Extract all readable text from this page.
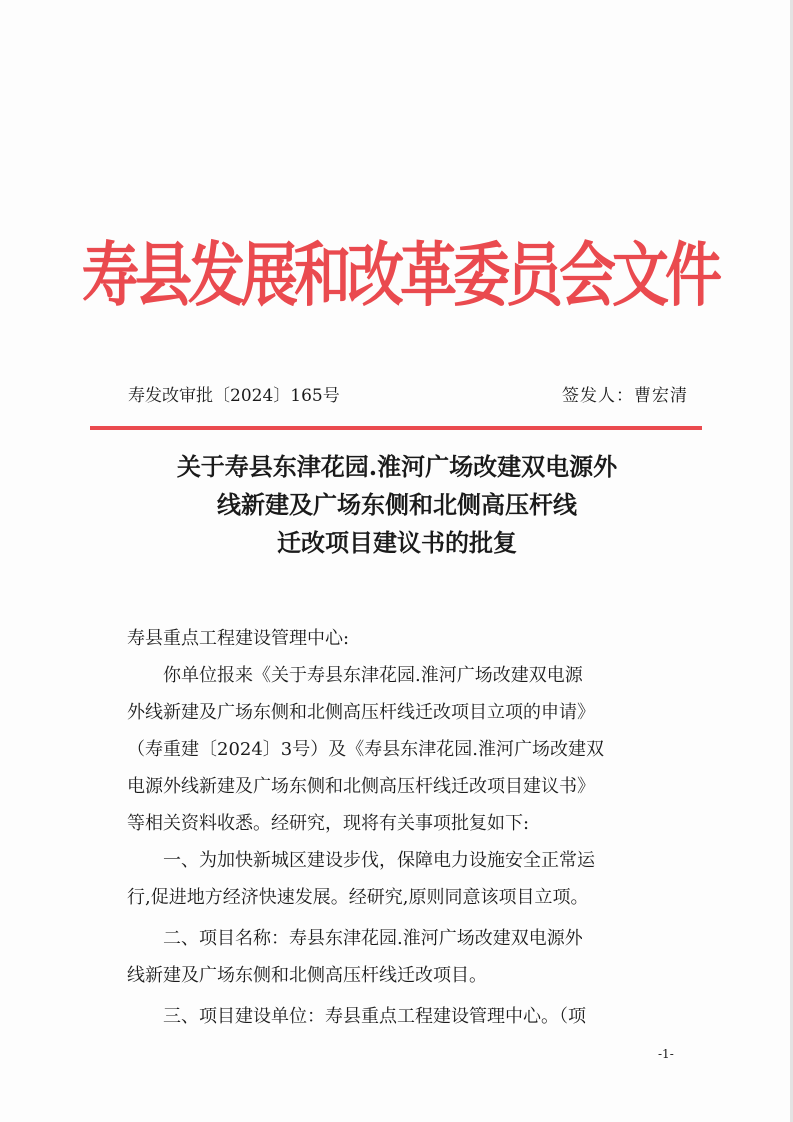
寿县发展和改革委员会文件
寿发改审批〔2024〕165号	签发人：曹宏清
关于寿县东津花园.淮河广场改建双电源外
线新建及广场东侧和北侧高压杆线
迁改项目建议书的批复
寿县重点工程建设管理中心:
你单位报来《关于寿县东津花园.淮河广场改建双电源
外线新建及广场东侧和北侧高压杆线迁改项目立项的申请》
（寿重建〔2024〕3号）及《寿县东津花园.淮河广场改建双
电源外线新建及广场东侧和北侧高压杆线迁改项目建议书》
等相关资料收悉。经研究，现将有关事项批复如下:
一、为加快新城区建设步伐，保障电力设施安全正常运
行,促进地方经济快速发展。经研究,原则同意该项目立项。
二、项目名称：寿县东津花园.淮河广场改建双电源外
线新建及广场东侧和北侧高压杆线迁改项目。
三、项目建设单位：寿县重点工程建设管理中心。（项
-1-
